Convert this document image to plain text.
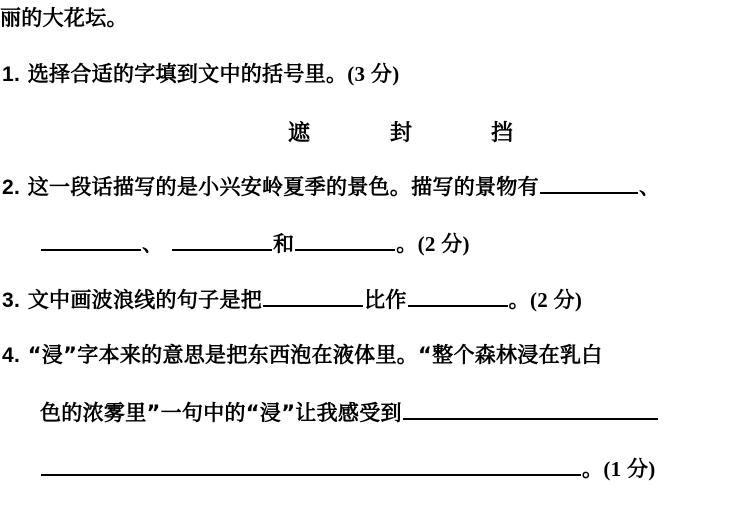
丽的大花坛。
1. 选择合适的字填到文中的括号里。(3 分)
遮	封	挡
2. 这一段话描写的是小兴安岭夏季的景色。描写的景物有	、
、	和	。(2 分)
3. 文中画波浪线的句子是把	比作	。(2 分)
4. “浸”字本来的意思是把东西泡在液体里。“整个森林浸在乳白
色的浓雾里”一句中的“浸”让我感受到
。(1 分)
